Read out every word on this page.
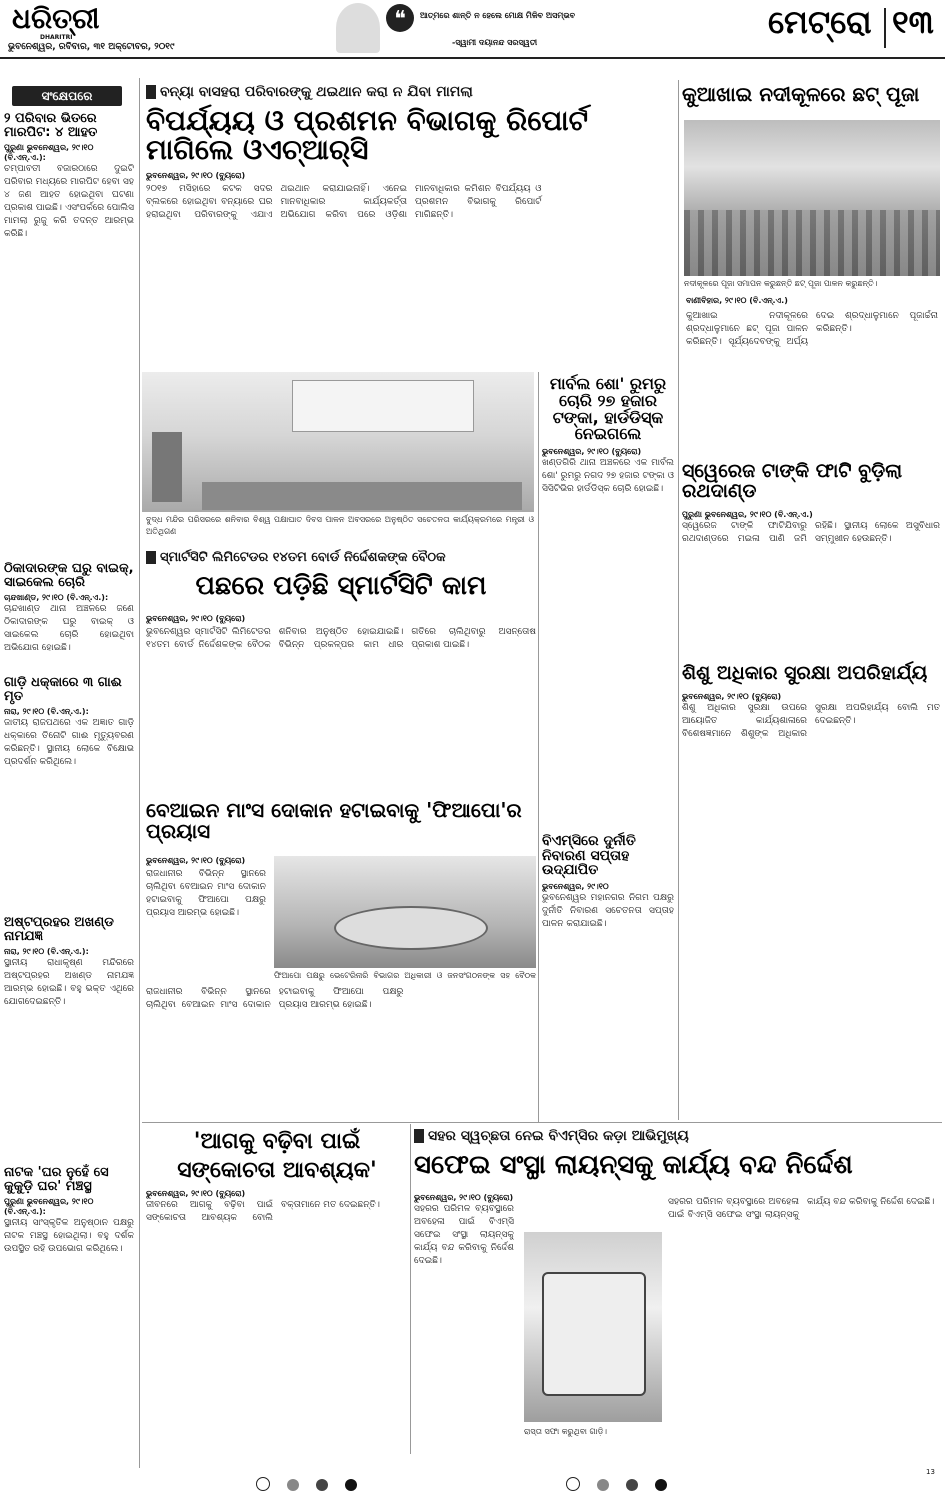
ଧରିତ୍ରୀ
DHARITRI
ଭୁବନେଶ୍ୱର, ରବିବାର, ୩୧ ଅକ୍ଟୋବର, ୨୦୧୯
❝	ଆତ୍ମରେ ଶାନ୍ତି ନ ହେଲେ ମୋକ୍ଷ ମିଳିବ ଅସମ୍ଭବ
-ସ୍ୱାମୀ ଦୟାନନ୍ଦ ସରସ୍ୱତୀ
ମେଟ୍ରୋ ୧୩
ସଂକ୍ଷେପରେ
୨ ପରିବାର ଭିତରେ ମାରପିଟ: ୪ ଆହତ
ପୁରୁଣା ଭୁବନେଶ୍ୱର, ୨୯।୧୦ (ବି.ଏନ୍.ଏ.):
ଚମ୍ପାବତୀ ବଜାରଠାରେ ଦୁଇଟି ପରିବାର ମଧ୍ୟରେ ମାରପିଟ ହେବା ସହ ୪ ଜଣ ଆହତ ହୋଇଥିବା ଘଟଣା ପ୍ରକାଶ ପାଇଛି। ଏସଂପର୍କରେ ପୋଲିସ ମାମଲା ରୁଜୁ କରି ତଦନ୍ତ ଆରମ୍ଭ କରିଛି।
ଠିକାଦାରଙ୍କ ଘରୁ ବାଇକ୍, ସାଇକେଲ ଚୋରି
ଚାନ୍ଦଖାଣ୍ଡ, ୨୯।୧୦ (ବି.ଏନ୍.ଏ.):
ଚାନ୍ଦଖାଣ୍ଡ ଥାନା ଅଞ୍ଚଳରେ ଜଣେ ଠିକାଦାରଙ୍କ ଘରୁ ବାଇକ୍ ଓ ସାଇକେଲ ଚୋରି ହୋଇଥିବା ଅଭିଯୋଗ ହୋଇଛି।
ଗାଡ଼ି ଧକ୍କାରେ ୩ ଗାଈ ମୃତ
ନାରା, ୨୯।୧୦ (ବି.ଏନ୍.ଏ.):
ଜାତୀୟ ରାଜପଥରେ ଏକ ଅଜ୍ଞାତ ଗାଡ଼ି ଧକ୍କାରେ ତିନୋଟି ଗାଈ ମୃତ୍ୟୁବରଣ କରିଛନ୍ତି। ସ୍ଥାନୀୟ ଲୋକେ ବିକ୍ଷୋଭ ପ୍ରଦର୍ଶନ କରିଥିଲେ।
ଅଷ୍ଟପ୍ରହର ଅଖଣ୍ଡ ନାମଯଜ୍ଞ
ନାରା, ୨୯।୧୦ (ବି.ଏନ୍.ଏ.):
ସ୍ଥାନୀୟ ରାଧାକୃଷ୍ଣ ମନ୍ଦିରରେ ଅଷ୍ଟପ୍ରହର ଅଖଣ୍ଡ ନାମଯଜ୍ଞ ଆରମ୍ଭ ହୋଇଛି। ବହୁ ଭକ୍ତ ଏଥିରେ ଯୋଗଦେଇଛନ୍ତି।
ନାଟକ 'ଘର ନୁହେଁ ସେ କୁକୁଡ଼ି ଘର' ମଞ୍ଚସ୍ଥ
ପୁରୁଣା ଭୁବନେଶ୍ୱର, ୨୯।୧୦ (ବି.ଏନ୍.ଏ.):
ସ୍ଥାନୀୟ ସାଂସ୍କୃତିକ ଅନୁଷ୍ଠାନ ପକ୍ଷରୁ ନାଟକ ମଞ୍ଚସ୍ଥ ହୋଇଥିଲା। ବହୁ ଦର୍ଶକ ଉପସ୍ଥିତ ରହି ଉପଭୋଗ କରିଥିଲେ।
ବନ୍ୟା ବାସହରା ପରିବାରଙ୍କୁ ଥଇଥାନ କରା ନ ଯିବା ମାମଲା
ବିପର୍ଯ୍ୟୟ ଓ ପ୍ରଶମନ ବିଭାଗକୁ ରିପୋର୍ଟ ମାଗିଲେ ଓଏଚ୍ଆର୍‌ସି
ଭୁବନେଶ୍ୱର, ୨୯।୧୦ (ବ୍ୟୁରୋ)
୨୦୧୭ ମସିହାରେ କଟକ ସଦର ବ୍ଲକରେ ହୋଇଥିବା ବନ୍ୟାରେ ଘର ହରାଇଥିବା ପରିବାରଙ୍କୁ ଏଯାଏ ଥଇଥାନ କରାଯାଇନାହିଁ। ଏନେଇ ମାନବାଧିକାର କାର୍ଯ୍ୟକର୍ତ୍ତା ଅଭିଯୋଗ କରିବା ପରେ ଓଡ଼ିଶା ମାନବାଧିକାର କମିଶନ ବିପର୍ଯ୍ୟୟ ଓ ପ୍ରଶମନ ବିଭାଗକୁ ରିପୋର୍ଟ ମାଗିଛନ୍ତି।
ବୁଦ୍ଧ ମନ୍ଦିର ପରିସରରେ ଶନିବାର ବିଶ୍ୱ ପକ୍ଷାଘାତ ଦିବସ ପାଳନ ଅବସରରେ ଅନୁଷ୍ଠିତ ସଚେତନତା କାର୍ଯ୍ୟକ୍ରମରେ ମନ୍ତ୍ରୀ ଓ ଅତିଥିଗଣ
ସ୍ମାର୍ଟସିଟି ଲିମିଟେଡର ୧୪ତମ ବୋର୍ଡ ନିର୍ଦ୍ଦେଶକଙ୍କ ବୈଠକ
ପଛରେ ପଡ଼ିଛି ସ୍ମାର୍ଟସିଟି କାମ
ଭୁବନେଶ୍ୱର, ୨୯।୧୦ (ବ୍ୟୁରୋ)
ଭୁବନେଶ୍ୱର ସ୍ମାର୍ଟସିଟି ଲିମିଟେଡର ୧୪ତମ ବୋର୍ଡ ନିର୍ଦ୍ଦେଶକଙ୍କ ବୈଠକ ଶନିବାର ଅନୁଷ୍ଠିତ ହୋଇଯାଇଛି। ବିଭିନ୍ନ ପ୍ରକଳ୍ପର କାମ ଧୀର ଗତିରେ ଚାଲିଥିବାରୁ ଅସନ୍ତୋଷ ପ୍ରକାଶ ପାଇଛି।
ବେଆଇନ ମାଂସ ଦୋକାନ ହଟାଇବାକୁ 'ଫିଆପୋ'ର ପ୍ରୟାସ
ଭୁବନେଶ୍ୱର, ୨୯।୧୦ (ବ୍ୟୁରୋ)
ରାଜଧାନୀର ବିଭିନ୍ନ ସ୍ଥାନରେ ଚାଲିଥିବା ବେଆଇନ ମାଂସ ଦୋକାନ ହଟାଇବାକୁ ଫିଆପୋ ପକ୍ଷରୁ ପ୍ରୟାସ ଆରମ୍ଭ ହୋଇଛି।
ଫିଆପୋ ପକ୍ଷରୁ ଭେଟେରିନାରି ବିଭାଗର ଅଧିକାରୀ ଓ ଜନସଂଗଠନଙ୍କ ସହ ବୈଠକ
ରାଜଧାନୀର ବିଭିନ୍ନ ସ୍ଥାନରେ ଚାଲିଥିବା ବେଆଇନ ମାଂସ ଦୋକାନ ହଟାଇବାକୁ ଫିଆପୋ ପକ୍ଷରୁ ପ୍ରୟାସ ଆରମ୍ଭ ହୋଇଛି।
ମାର୍ବଲ ଶୋ' ରୁମରୁ ଚୋରି ୨୭ ହଜାର ଟଙ୍କା, ହାର୍ଡଡିସ୍କ ନେଇଗଲେ
ଭୁବନେଶ୍ୱର, ୨୯।୧୦ (ବ୍ୟୁରୋ)
ଖଣ୍ଡଗିରି ଥାନା ଅଞ୍ଚଳରେ ଏକ ମାର୍ବଲ ଶୋ' ରୁମରୁ ନଗଦ ୨୭ ହଜାର ଟଙ୍କା ଓ ସିସିଟିଭିର ହାର୍ଡଡିସ୍କ ଚୋରି ହୋଇଛି।
ବିଏମ୍‌ସିରେ ଦୁର୍ନୀତି ନିବାରଣ ସପ୍ତାହ ଉଦ୍‌ଯାପିତ
ଭୁବନେଶ୍ୱର, ୨୯।୧୦
ଭୁବନେଶ୍ୱର ମହାନଗର ନିଗମ ପକ୍ଷରୁ ଦୁର୍ନୀତି ନିବାରଣ ସଚେତନତା ସପ୍ତାହ ପାଳନ କରାଯାଇଛି।
କୁଆଖାଇ ନଦୀକୂଳରେ ଛଟ୍ ପୂଜା
ନଦୀକୂଳରେ ପୂଜା ସମାପନ କରୁଛନ୍ତି ଛଟ୍ ପୂଜା ପାଳନ କରୁଛନ୍ତି।
ବାଣୀବିହାର, ୨୯।୧୦ (ବି.ଏନ୍.ଏ.)
କୁଆଖାଇ ନଦୀକୂଳରେ ଶ୍ରଦ୍ଧାଳୁମାନେ ଛଟ୍ ପୂଜା ପାଳନ କରିଛନ୍ତି। ସୂର୍ଯ୍ୟଦେବଙ୍କୁ ଅର୍ଘ୍ୟ ଦେଇ ଶ୍ରଦ୍ଧାଳୁମାନେ ପୂଜାର୍ଚ୍ଚନା କରିଛନ୍ତି।
ସ୍ୱେରେଜ ଟାଙ୍କି ଫାଟି ବୁଡ଼ିଲା ରଥଦାଣ୍ଡ
ପୁରୁଣା ଭୁବନେଶ୍ୱର, ୨୯।୧୦ (ବି.ଏନ୍.ଏ.)
ସ୍ୱେରେଜ ଟାଙ୍କି ଫାଟିଯିବାରୁ ରଥଦାଣ୍ଡରେ ମଇଳା ପାଣି ଜମି ରହିଛି। ସ୍ଥାନୀୟ ଲୋକେ ଅସୁବିଧାର ସମ୍ମୁଖୀନ ହେଉଛନ୍ତି।
ଶିଶୁ ଅଧିକାର ସୁରକ୍ଷା ଅପରିହାର୍ଯ୍ୟ
ଭୁବନେଶ୍ୱର, ୨୯।୧୦ (ବ୍ୟୁରୋ)
ଶିଶୁ ଅଧିକାର ସୁରକ୍ଷା ଉପରେ ଆୟୋଜିତ କାର୍ଯ୍ୟଶାଳାରେ ବିଶେଷଜ୍ଞମାନେ ଶିଶୁଙ୍କ ଅଧିକାର ସୁରକ୍ଷା ଅପରିହାର୍ଯ୍ୟ ବୋଲି ମତ ଦେଇଛନ୍ତି।
'ଆଗକୁ ବଢ଼ିବା ପାଇଁ ସଙ୍କୋଚତା ଆବଶ୍ୟକ'
ଭୁବନେଶ୍ୱର, ୨୯।୧୦ (ବ୍ୟୁରୋ)
ଜୀବନରେ ଆଗକୁ ବଢ଼ିବା ପାଇଁ ସଙ୍କୋଚତା ଆବଶ୍ୟକ ବୋଲି ବକ୍ତାମାନେ ମତ ଦେଇଛନ୍ତି।
ସହର ସ୍ୱଚ୍ଛତା ନେଇ ବିଏମ୍‌ସିର କଡ଼ା ଆଭିମୁଖ୍ୟ
ସଫେଇ ସଂସ୍ଥା ଲାୟନ୍ସକୁ କାର୍ଯ୍ୟ ବନ୍ଦ ନିର୍ଦ୍ଦେଶ
ଭୁବନେଶ୍ୱର, ୨୯।୧୦ (ବ୍ୟୁରୋ)
ସହରର ପରିମଳ ବ୍ୟବସ୍ଥାରେ ଅବହେଳା ପାଇଁ ବିଏମ୍‌ସି ସଫେଇ ସଂସ୍ଥା ଲାୟନ୍ସକୁ କାର୍ଯ୍ୟ ବନ୍ଦ କରିବାକୁ ନିର୍ଦ୍ଦେଶ ଦେଇଛି।
ରାସ୍ତା ସଫା କରୁଥିବା ଗାଡ଼ି।
ସହରର ପରିମଳ ବ୍ୟବସ୍ଥାରେ ଅବହେଳା ପାଇଁ ବିଏମ୍‌ସି ସଫେଇ ସଂସ୍ଥା ଲାୟନ୍ସକୁ କାର୍ଯ୍ୟ ବନ୍ଦ କରିବାକୁ ନିର୍ଦ୍ଦେଶ ଦେଇଛି।

13
